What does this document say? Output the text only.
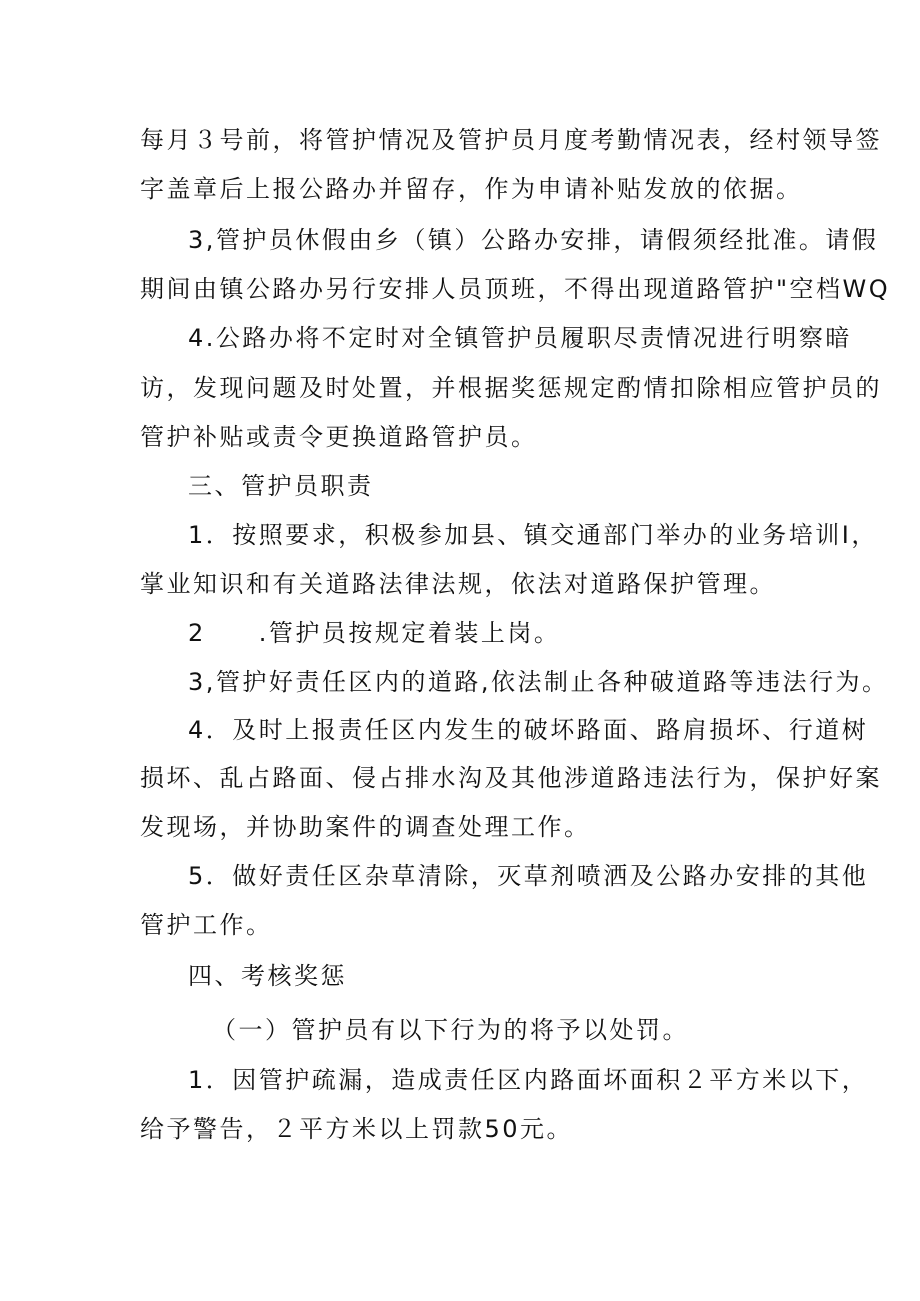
每月３号前，将管护情况及管护员月度考勤情况表，经村领导签
字盖章后上报公路办并留存，作为申请补贴发放的依据。
3,管护员休假由乡（镇）公路办安排，请假须经批准。请假
期间由镇公路办另行安排人员顶班，不得出现道路管护"空档WQ
4.公路办将不定时对全镇管护员履职尽责情况进行明察暗
访，发现问题及时处置，并根据奖惩规定酌情扣除相应管护员的
管护补贴或责令更换道路管护员。
三、管护员职责
1．按照要求，积极参加县、镇交通部门举办的业务培训I，
掌业知识和有关道路法律法规，依法对道路保护管理。
2　　.管护员按规定着装上岗。
3,管护好责任区内的道路,依法制止各种破道路等违法行为。
4．及时上报责任区内发生的破坏路面、路肩损坏、行道树
损坏、乱占路面、侵占排水沟及其他涉道路违法行为，保护好案
发现场，并协助案件的调查处理工作。
5．做好责任区杂草清除，灭草剂喷洒及公路办安排的其他
管护工作。
四、考核奖惩
（一）管护员有以下行为的将予以处罚。
1．因管护疏漏，造成责任区内路面坏面积２平方米以下，
给予警告，２平方米以上罚款50元。
